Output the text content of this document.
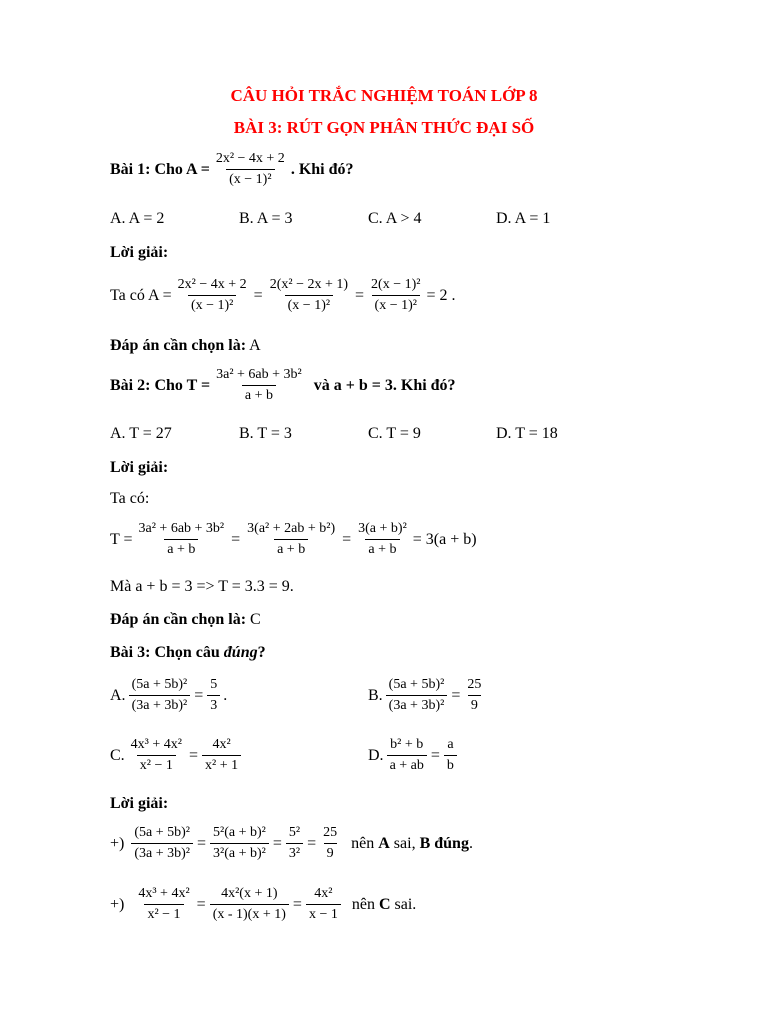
CÂU HỎI TRẮC NGHIỆM TOÁN LỚP 8
BÀI 3: RÚT GỌN PHÂN THỨC ĐẠI SỐ
Bài 1: Cho $A = \frac{\text{2x² − 4x + 2}}{\text{(x − 1)²}}$ . Khi đó?
A. A = 2	B. A = 3	C. A > 4	D. A = 1
Lời giải:
Ta có $A = \frac{\text{2x² − 4x + 2}}{\text{(x − 1)²}} = \frac{\text{2(x² − 2x + 1)}}{\text{(x − 1)²}} = \frac{\text{2(x − 1)²}}{\text{(x − 1)²}} = 2$ .
Đáp án cần chọn là: A
Bài 2: Cho $T = \frac{\text{3a² + 6ab + 3b²}}{a + b}$ và a + b = 3. Khi đó?
A. T = 27	B. T = 3	C. T = 9	D. T = 18
Lời giải:
Ta có:
$T = \frac{\text{3a² + 6ab + 3b²}}{a + b} = \frac{\text{3(a² + 2ab + b²)}}{a + b} = \frac{\text{3(a + b)²}}{a + b} = 3(a + b)$
Mà a + b = 3 => T = 3.3 = 9.
Đáp án cần chọn là: C
Bài 3: Chọn câu đúng?
A. $\frac{\text{(5a + 5b)²}}{\text{(3a + 3b)²}} = \frac{5}{3}$ .	B. $\frac{\text{(5a + 5b)²}}{\text{(3a + 3b)²}} = \frac{25}{9}$
C. $\frac{\text{4x³ + 4x²}}{\text{x² − 1}} = \frac{\text{4x²}}{\text{x² + 1}}$	D. $\frac{\text{b² + b}}{a + ab} = \frac{a}{b}$
Lời giải:
+) $\frac{\text{(5a + 5b)²}}{\text{(3a + 3b)²}} = \frac{\text{5²(a + b)²}}{\text{3²(a + b)²}} = \frac{\text{5²}}{\text{3²}} = \frac{25}{9}$ nên A sai, B đúng .
+) $\frac{\text{4x³ + 4x²}}{\text{x² − 1}} = \frac{\text{4x²(x + 1)}}{(x - 1)(x + 1)} = \frac{\text{4x²}}{x - 1}$ nên C sai.
